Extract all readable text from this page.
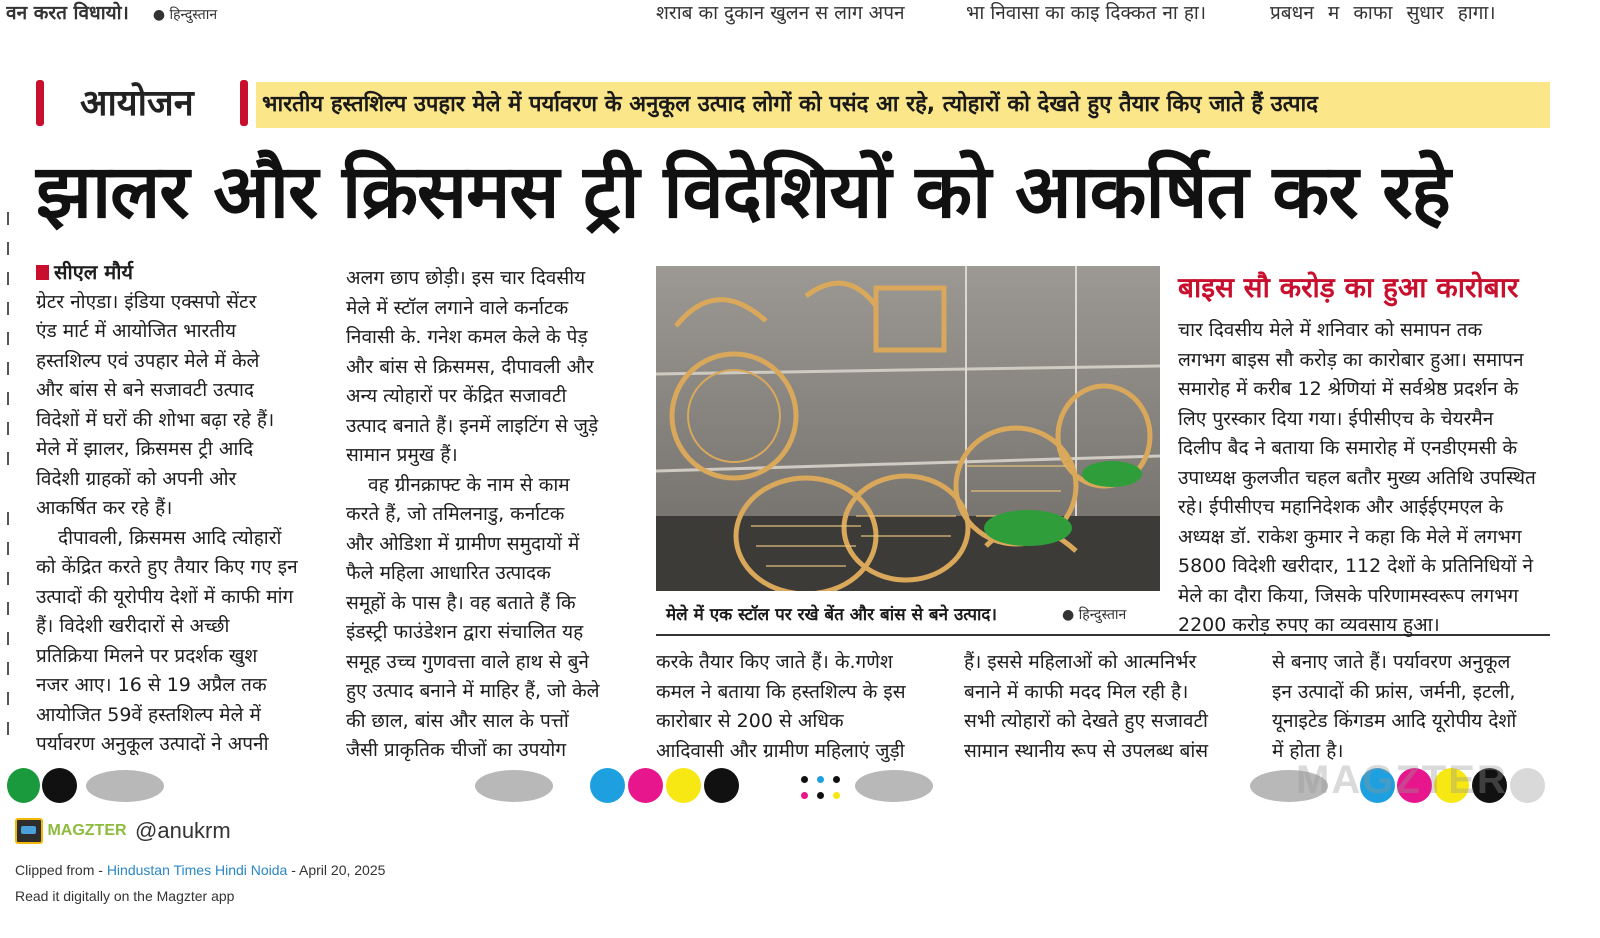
वन करत विधायो। ● हिन्दुस्तान	शराब का दुकान खुलन स लाग अपन	भा निवासा का काइ दिक्कत ना हा।	प्रबधन म काफा सुधार हागा।
आयोजन	भारतीय हस्तशिल्प उपहार मेले में पर्यावरण के अनुकूल उत्पाद लोगों को पसंद आ रहे, त्योहारों को देखते हुए तैयार किए जाते हैं उत्पाद
झालर और क्रिसमस ट्री विदेशियों को आकर्षित कर रहे

सीएल मौर्य

ग्रेटर नोएडा। इंडिया एक्सपो सेंटर
एंड मार्ट में आयोजित भारतीय
हस्तशिल्प एवं उपहार मेले में केले
और बांस से बने सजावटी उत्पाद
विदेशों में घरों की शोभा बढ़ा रहे हैं।
मेले में झालर, क्रिसमस ट्री आदि
विदेशी ग्राहकों को अपनी ओर
आकर्षित कर रहे हैं।
दीपावली, क्रिसमस आदि त्योहारों
को केंद्रित करते हुए तैयार किए गए इन
उत्पादों की यूरोपीय देशों में काफी मांग
हैं। विदेशी खरीदारों से अच्छी
प्रतिक्रिया मिलने पर प्रदर्शक खुश
नजर आए। 16 से 19 अप्रैल तक
आयोजित 59वें हस्तशिल्प मेले में
पर्यावरण अनुकूल उत्पादों ने अपनी
अलग छाप छोड़ी। इस चार दिवसीय
मेले में स्टॉल लगाने वाले कर्नाटक
निवासी के. गनेश कमल केले के पेड़
और बांस से क्रिसमस, दीपावली और
अन्य त्योहारों पर केंद्रित सजावटी
उत्पाद बनाते हैं। इनमें लाइटिंग से जुड़े
सामान प्रमुख हैं।
वह ग्रीनक्राफ्ट के नाम से काम
करते हैं, जो तमिलनाडु, कर्नाटक
और ओडिशा में ग्रामीण समुदायों में
फैले महिला आधारित उत्पादक
समूहों के पास है। वह बताते हैं कि
इंडस्ट्री फाउंडेशन द्वारा संचालित यह
समूह उच्च गुणवत्ता वाले हाथ से बुने
हुए उत्पाद बनाने में माहिर हैं, जो केले
की छाल, बांस और साल के पत्तों
जैसी प्राकृतिक चीजों का उपयोग
मेले में एक स्टॉल पर रखे बेंत और बांस से बने उत्पाद।	● हिन्दुस्तान
बाइस सौ करोड़ का हुआ कारोबार
चार दिवसीय मेले में शनिवार को समापन तक
लगभग बाइस सौ करोड़ का कारोबार हुआ। समापन
समारोह में करीब 12 श्रेणियां में सर्वश्रेष्ठ प्रदर्शन के
लिए पुरस्कार दिया गया। ईपीसीएच के चेयरमैन
दिलीप बैद ने बताया कि समारोह में एनडीएमसी के
उपाध्यक्ष कुलजीत चहल बतौर मुख्य अतिथि उपस्थित
रहे। ईपीसीएच महानिदेशक और आईईएमएल के
अध्यक्ष डॉ. राकेश कुमार ने कहा कि मेले में लगभग
5800 विदेशी खरीदार, 112 देशों के प्रतिनिधियों ने
मेले का दौरा किया, जिसके परिणामस्वरूप लगभग
2200 करोड़ रुपए का व्यवसाय हुआ।
करके तैयार किए जाते हैं। के.गणेश
कमल ने बताया कि हस्तशिल्प के इस
कारोबार से 200 से अधिक
आदिवासी और ग्रामीण महिलाएं जुड़ी
हैं। इससे महिलाओं को आत्मनिर्भर
बनाने में काफी मदद मिल रही है।
सभी त्योहारों को देखते हुए सजावटी
सामान स्थानीय रूप से उपलब्ध बांस
से बनाए जाते हैं। पर्यावरण अनुकूल
इन उत्पादों की फ्रांस, जर्मनी, इटली,
यूनाइटेड किंगडम आदि यूरोपीय देशों
में होता है।
MAGZTER
MAGZTER @anukrm
Clipped from - Hindustan Times Hindi Noida - April 20, 2025
Read it digitally on the Magzter app
